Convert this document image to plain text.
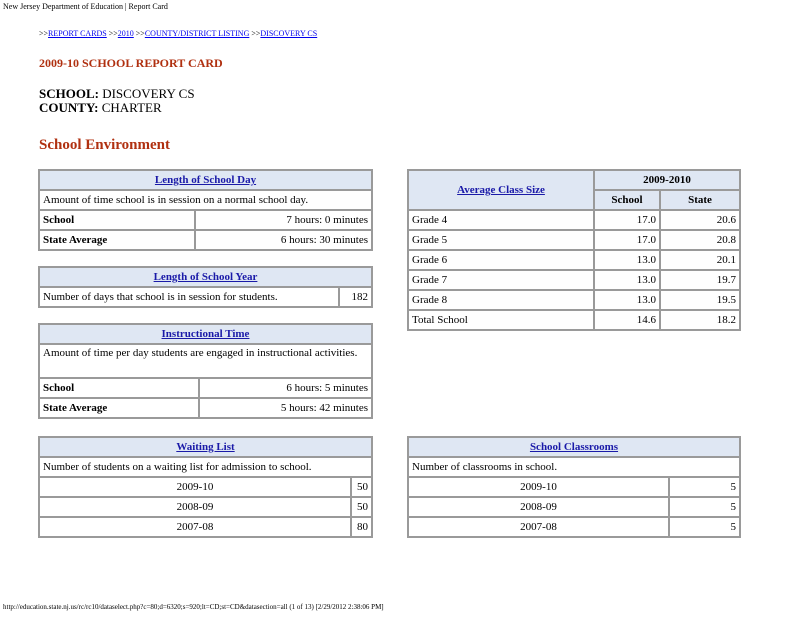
New Jersey Department of Education | Report Card
>>REPORT CARDS >>2010 >>COUNTY/DISTRICT LISTING >>DISCOVERY CS
2009-10 SCHOOL REPORT CARD
SCHOOL: DISCOVERY CS
COUNTY: CHARTER
School Environment
Length of School Day	
Amount of time school is in session on a normal school day.	
School	7 hours: 0 minutes
State Average	6 hours: 30 minutes
Length of School Year
Number of days that school is in session for students.	182
Instructional Time	
Amount of time per day students are engaged in instructional activities.	
School	6 hours: 5 minutes
State Average	5 hours: 42 minutes
Average Class Size	2009-2010	
	School	State
Grade 4	17.0	20.6
Grade 5	17.0	20.8
Grade 6	13.0	20.1
Grade 7	13.0	19.7
Grade 8	13.0	19.5
Total School	14.6	18.2
Waiting List	
Number of students on a waiting list for admission to school.	
2009-10	50
2008-09	50
2007-08	80
School Classrooms	
Number of classrooms in school.	
2009-10	5
2008-09	5
2007-08	5
http://education.state.nj.us/rc/rc10/dataselect.php?c=80;d=6320;s=920;lt=CD;st=CD&datasection=all (1 of 13) [2/29/2012 2:38:06 PM]
